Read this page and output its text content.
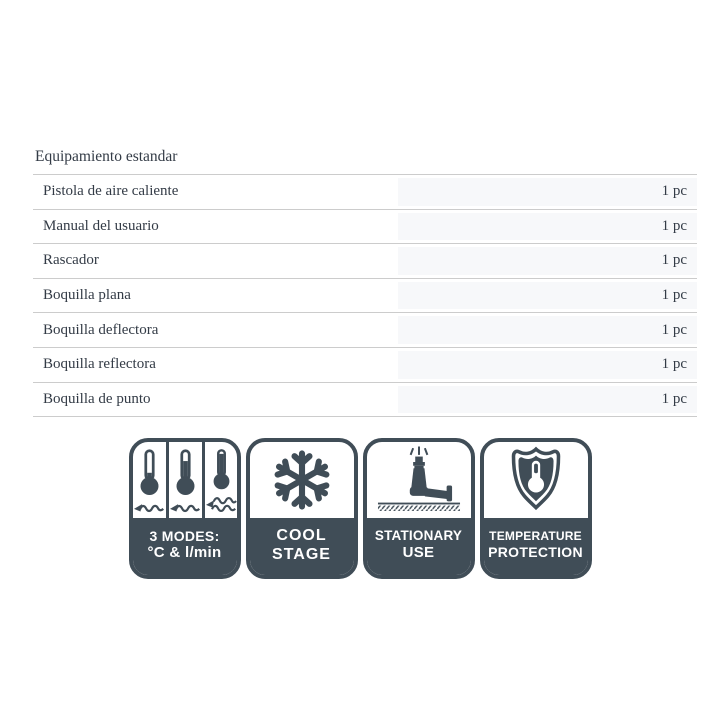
Equipamiento estandar
Pistola de aire caliente	1 pc
Manual del usuario	1 pc
Rascador	1 pc
Boquilla plana	1 pc
Boquilla deflectora	1 pc
Boquilla reflectora	1 pc
Boquilla de punto	1 pc
3 MODES:
°C & l/min
COOL
STAGE
STATIONARY
USE
TEMPERATURE
PROTECTION
